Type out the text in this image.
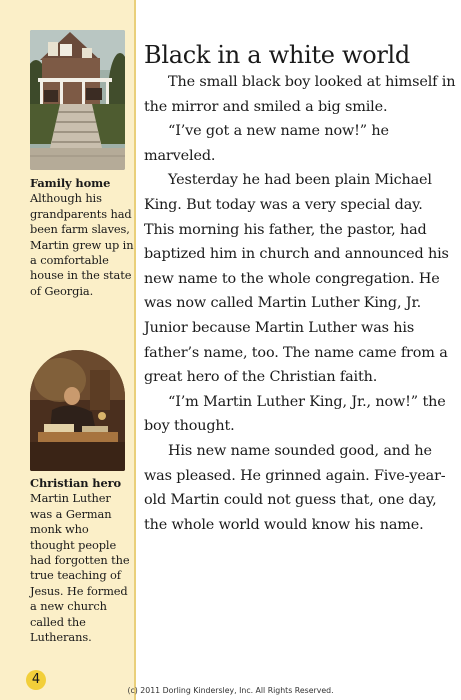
Family home
Although his grandparents had been farm slaves, Martin grew up in a comfortable house in the state of Georgia.
Christian hero
Martin Luther was a German monk who thought people had forgotten the true teaching of Jesus. He formed a new church called the Lutherans.
4
Black in a white world

The small black boy looked at himself in the mirror and smiled a big smile.

“I’ve got a new name now!” he marveled.

Yesterday he had been plain Michael King. But today was a very special day. This morning his father, the pastor, had baptized him in church and announced his new name to the whole congregation. He was now called Martin Luther King, Jr. Junior because Martin Luther was his father’s name, too. The name came from a great hero of the Christian faith.

“I’m Martin Luther King, Jr., now!” the boy thought.

His new name sounded good, and he was pleased. He grinned again. Five-year-old Martin could not guess that, one day, the whole world would know his name.

(c) 2011 Dorling Kindersley, Inc. All Rights Reserved.
